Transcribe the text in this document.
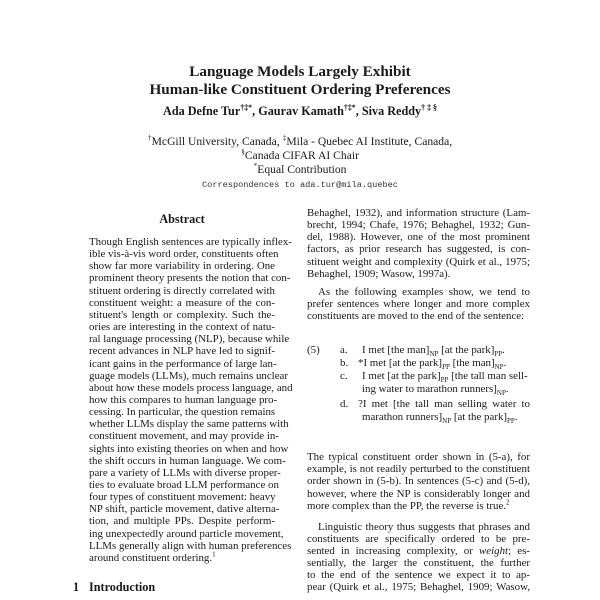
Language Models Largely Exhibit
Human-like Constituent Ordering Preferences
Ada Defne Tur†‡*, Gaurav Kamath†‡*, Siva Reddy† ‡ §
†McGill University, Canada, ‡Mila - Quebec AI Institute, Canada,
§Canada CIFAR AI Chair
*Equal Contribution
Correspondences to ada.tur@mila.quebec
Abstract
Though English sentences are typically inflex-
ible vis-à-vis word order, constituents often
show far more variability in ordering. One
prominent theory presents the notion that con-
stituent ordering is directly correlated with
constituent weight: a measure of the con-
stituent's length or complexity. Such the-
ories are interesting in the context of natu-
ral language processing (NLP), because while
recent advances in NLP have led to signif-
icant gains in the performance of large lan-
guage models (LLMs), much remains unclear
about how these models process language, and
how this compares to human language pro-
cessing. In particular, the question remains
whether LLMs display the same patterns with
constituent movement, and may provide in-
sights into existing theories on when and how
the shift occurs in human language. We com-
pare a variety of LLMs with diverse proper-
ties to evaluate broad LLM performance on
four types of constituent movement: heavy
NP shift, particle movement, dative alterna-
tion, and multiple PPs. Despite perform-
ing unexpectedly around particle movement,
LLMs generally align with human preferences
around constituent ordering.$^1$
1 Introduction
Behaghel, 1932), and information structure (Lam-
brecht, 1994; Chafe, 1976; Behaghel, 1932; Gun-
del, 1988). However, one of the most prominent
factors, as prior research has suggested, is con-
stituent weight and complexity (Quirk et al., 1975;
Behaghel, 1909; Wasow, 1997a).
As the following examples show, we tend to
prefer sentences where longer and more complex
constituents are moved to the end of the sentence:
(5) a. I met [the $man]_{NP}$ [at the $park]_{PP}$.
b. *I met [at the $park]_{PP}$ [the $man]_{NP}$.
c. I met [at the $park]_{PP}$ [the tall man sell-
ing water to marathon $runners]_{NP}$.
d. ?I met [the tall man selling water to
marathon $runners]_{NP}$ [at the $park]_{PP}$.
The typical constituent order shown in (5-a), for
example, is not readily perturbed to the constituent
order shown in (5-b). In sentences (5-c) and (5-d),
however, where the NP is considerably longer and
more complex than the PP, the reverse is true.$^2$
Linguistic theory thus suggests that phrases and
constituents are specifically ordered to be pre-
sented in increasing complexity, or weight; es-
sentially, the larger the constituent, the further
to the end of the sentence we expect it to ap-
pear (Quirk et al., 1975; Behaghel, 1909; Wasow,
